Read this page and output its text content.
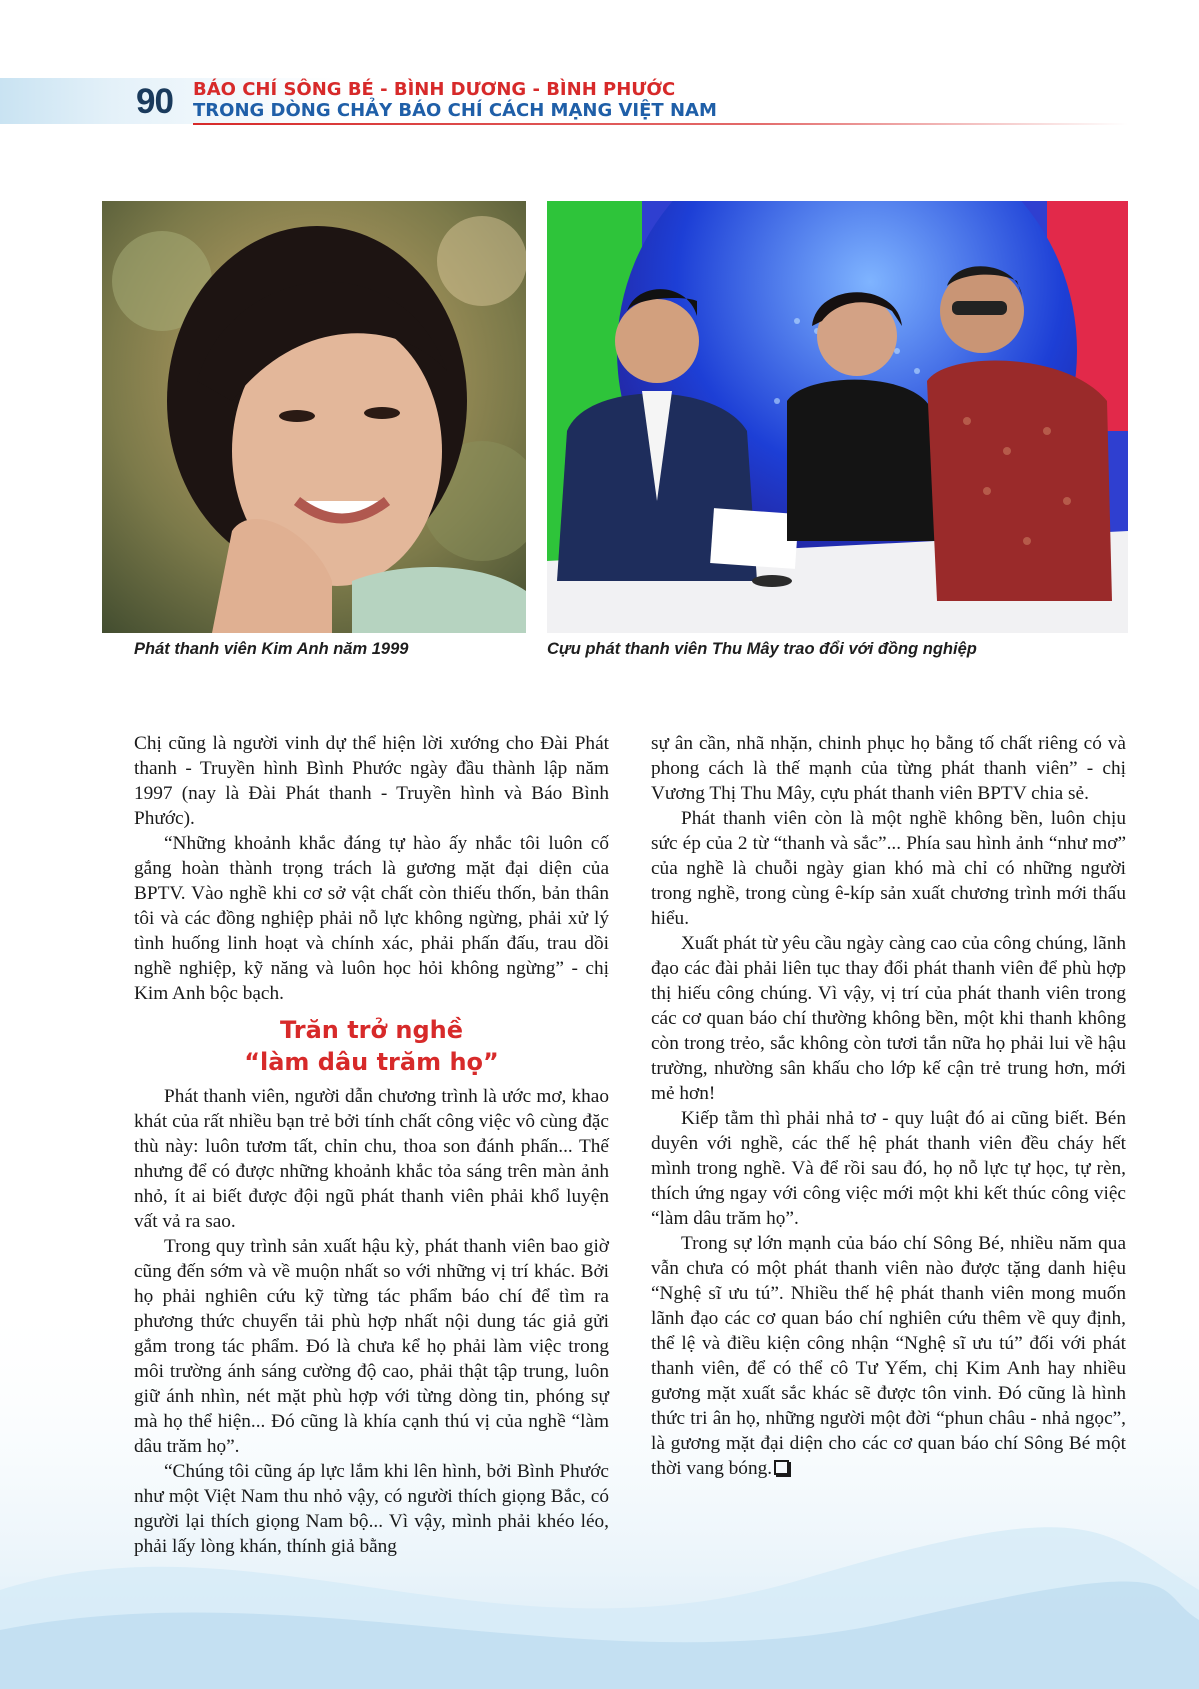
90 BÁO CHÍ SÔNG BÉ - BÌNH DƯƠNG - BÌNH PHƯỚC
TRONG DÒNG CHẢY BÁO CHÍ CÁCH MẠNG VIỆT NAM
Phát thanh viên Kim Anh năm 1999	Cựu phát thanh viên Thu Mây trao đổi với đồng nghiệp

Chị cũng là người vinh dự thể hiện lời xướng cho Đài Phát thanh - Truyền hình Bình Phước ngày đầu thành lập năm 1997 (nay là Đài Phát thanh - Truyền hình và Báo Bình Phước).

“Những khoảnh khắc đáng tự hào ấy nhắc tôi luôn cố gắng hoàn thành trọng trách là gương mặt đại diện của BPTV. Vào nghề khi cơ sở vật chất còn thiếu thốn, bản thân tôi và các đồng nghiệp phải nỗ lực không ngừng, phải xử lý tình huống linh hoạt và chính xác, phải phấn đấu, trau dồi nghề nghiệp, kỹ năng và luôn học hỏi không ngừng” - chị Kim Anh bộc bạch.

Trăn trở nghề
“làm dâu trăm họ”

Phát thanh viên, người dẫn chương trình là ước mơ, khao khát của rất nhiều bạn trẻ bởi tính chất công việc vô cùng đặc thù này: luôn tươm tất, chỉn chu, thoa son đánh phấn... Thế nhưng để có được những khoảnh khắc tỏa sáng trên màn ảnh nhỏ, ít ai biết được đội ngũ phát thanh viên phải khổ luyện vất vả ra sao.

Trong quy trình sản xuất hậu kỳ, phát thanh viên bao giờ cũng đến sớm và về muộn nhất so với những vị trí khác. Bởi họ phải nghiên cứu kỹ từng tác phẩm báo chí để tìm ra phương thức chuyển tải phù hợp nhất nội dung tác giả gửi gắm trong tác phẩm. Đó là chưa kể họ phải làm việc trong môi trường ánh sáng cường độ cao, phải thật tập trung, luôn giữ ánh nhìn, nét mặt phù hợp với từng dòng tin, phóng sự mà họ thể hiện... Đó cũng là khía cạnh thú vị của nghề “làm dâu trăm họ”.

“Chúng tôi cũng áp lực lắm khi lên hình, bởi Bình Phước như một Việt Nam thu nhỏ vậy, có người thích giọng Bắc, có người lại thích giọng Nam bộ... Vì vậy, mình phải khéo léo, phải lấy lòng khán, thính giả bằng

sự ân cần, nhã nhặn, chinh phục họ bằng tố chất riêng có và phong cách là thế mạnh của từng phát thanh viên” - chị Vương Thị Thu Mây, cựu phát thanh viên BPTV chia sẻ.

Phát thanh viên còn là một nghề không bền, luôn chịu sức ép của 2 từ “thanh và sắc”... Phía sau hình ảnh “như mơ” của nghề là chuỗi ngày gian khó mà chỉ có những người trong nghề, trong cùng ê-kíp sản xuất chương trình mới thấu hiểu.

Xuất phát từ yêu cầu ngày càng cao của công chúng, lãnh đạo các đài phải liên tục thay đổi phát thanh viên để phù hợp thị hiếu công chúng. Vì vậy, vị trí của phát thanh viên trong các cơ quan báo chí thường không bền, một khi thanh không còn trong trẻo, sắc không còn tươi tắn nữa họ phải lui về hậu trường, nhường sân khấu cho lớp kế cận trẻ trung hơn, mới mẻ hơn!

Kiếp tằm thì phải nhả tơ - quy luật đó ai cũng biết. Bén duyên với nghề, các thế hệ phát thanh viên đều cháy hết mình trong nghề. Và để rồi sau đó, họ nỗ lực tự học, tự rèn, thích ứng ngay với công việc mới một khi kết thúc công việc “làm dâu trăm họ”.

Trong sự lớn mạnh của báo chí Sông Bé, nhiều năm qua vẫn chưa có một phát thanh viên nào được tặng danh hiệu “Nghệ sĩ ưu tú”. Nhiều thế hệ phát thanh viên mong muốn lãnh đạo các cơ quan báo chí nghiên cứu thêm về quy định, thể lệ và điều kiện công nhận “Nghệ sĩ ưu tú” đối với phát thanh viên, để có thể cô Tư Yếm, chị Kim Anh hay nhiều gương mặt xuất sắc khác sẽ được tôn vinh. Đó cũng là hình thức tri ân họ, những người một đời “phun châu - nhả ngọc”, là gương mặt đại diện cho các cơ quan báo chí Sông Bé một thời vang bóng.
